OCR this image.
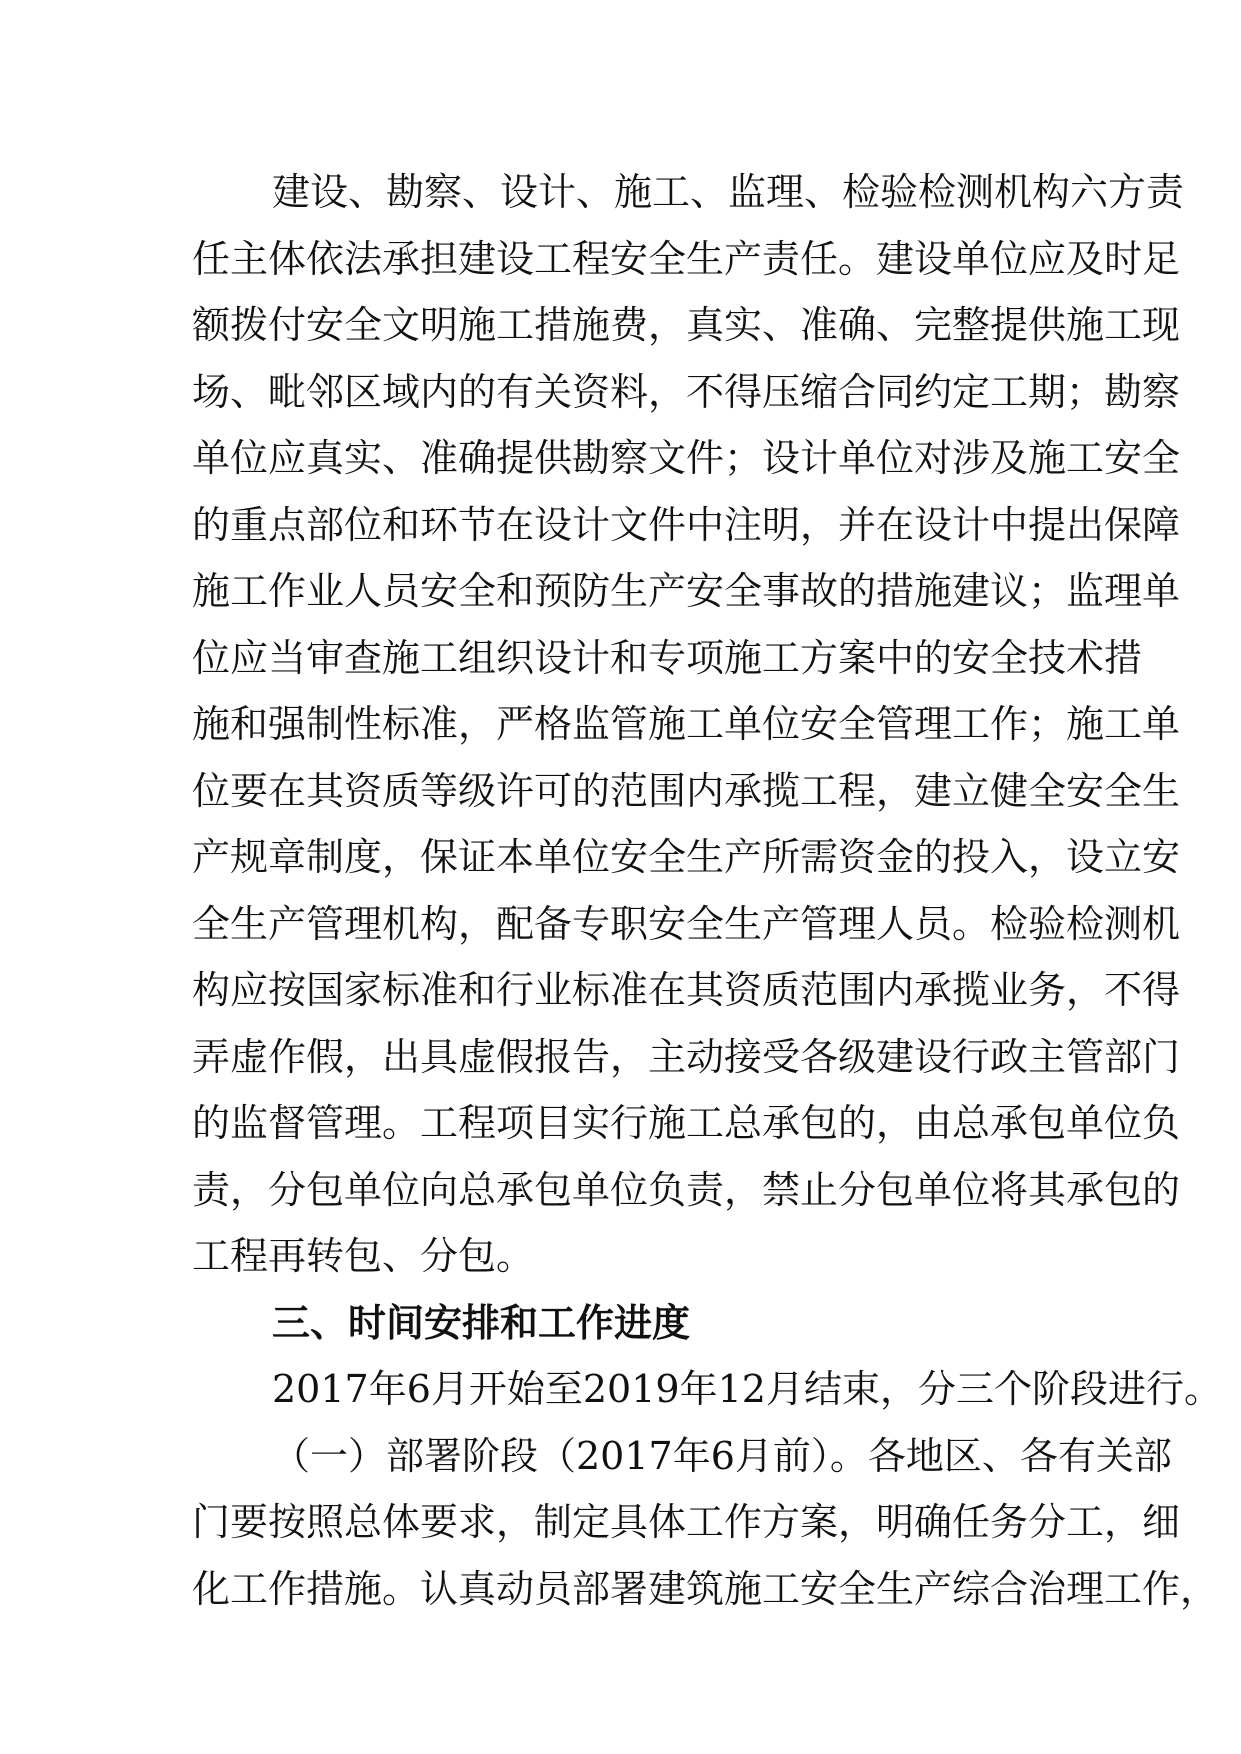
建设、勘察、设计、施工、监理、检验检测机构六方责
任主体依法承担建设工程安全生产责任。建设单位应及时足
额拨付安全文明施工措施费，真实、准确、完整提供施工现
场、毗邻区域内的有关资料，不得压缩合同约定工期；勘察
单位应真实、准确提供勘察文件；设计单位对涉及施工安全
的重点部位和环节在设计文件中注明，并在设计中提出保障
施工作业人员安全和预防生产安全事故的措施建议；监理单
位应当审查施工组织设计和专项施工方案中的安全技术措
施和强制性标准，严格监管施工单位安全管理工作；施工单
位要在其资质等级许可的范围内承揽工程，建立健全安全生
产规章制度，保证本单位安全生产所需资金的投入，设立安
全生产管理机构，配备专职安全生产管理人员。检验检测机
构应按国家标准和行业标准在其资质范围内承揽业务，不得
弄虚作假，出具虚假报告，主动接受各级建设行政主管部门
的监督管理。工程项目实行施工总承包的，由总承包单位负
责，分包单位向总承包单位负责，禁止分包单位将其承包的
工程再转包、分包。
三、时间安排和工作进度
2017年6月开始至2019年12月结束，分三个阶段进行。
（一）部署阶段（2017年6月前）。各地区、各有关部
门要按照总体要求，制定具体工作方案，明确任务分工，细
化工作措施。认真动员部署建筑施工安全生产综合治理工作，
